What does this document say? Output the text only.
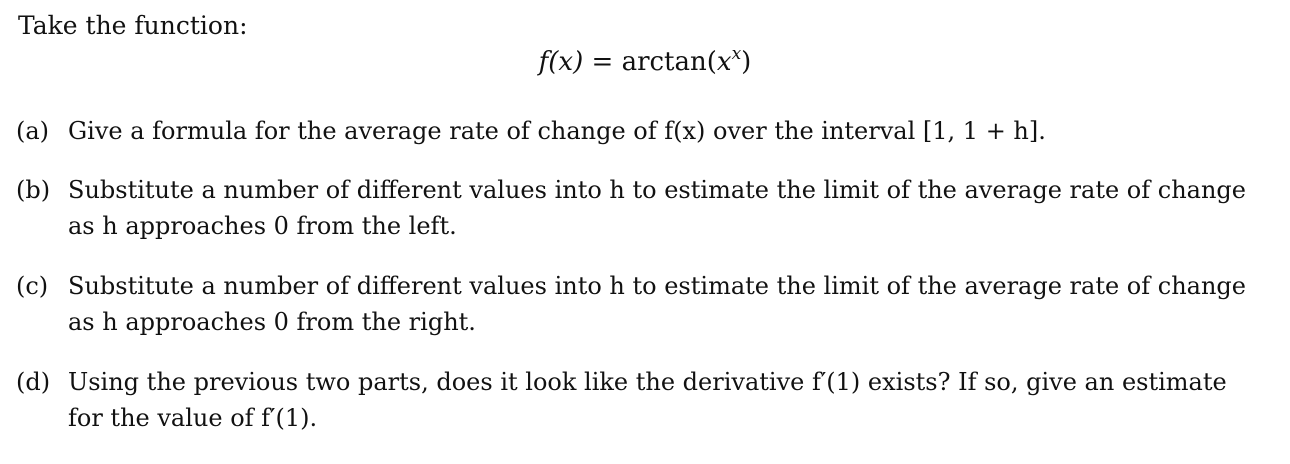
Take the function:
$f(x) = \arctan(x^x)$
(a) Give a formula for the average rate of change of f(x) over the interval [1, 1 + h].
(b) Substitute a number of different values into h to estimate the limit of the average rate of change
as h approaches 0 from the left.
(c) Substitute a number of different values into h to estimate the limit of the average rate of change
as h approaches 0 from the right.
(d) Using the previous two parts, does it look like the derivative f′(1) exists? If so, give an estimate
for the value of f′(1).
